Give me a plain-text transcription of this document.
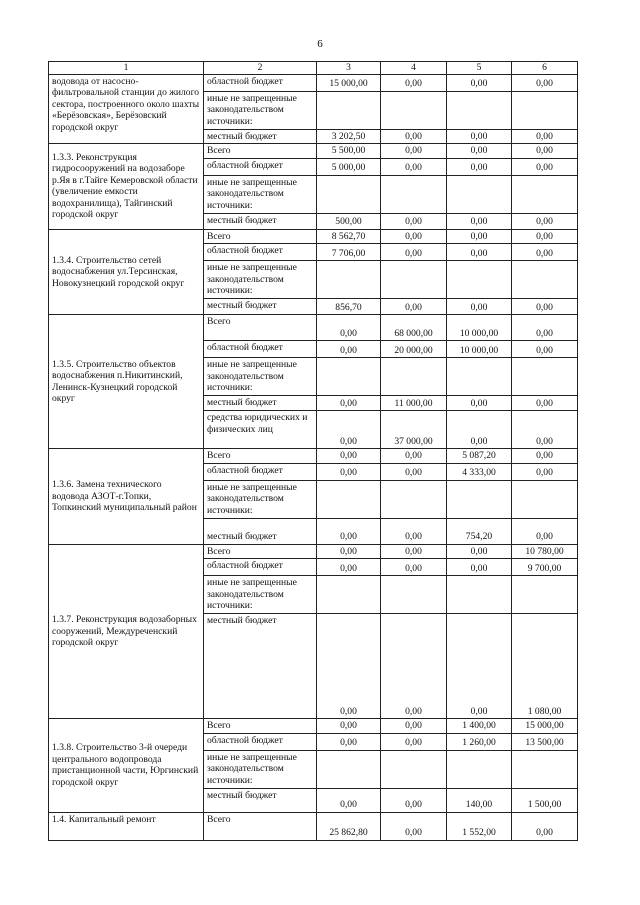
6
1	2	3	4	5	6
водовода от насосно-фильтровальной станции до жилого сектора, построенного около шахты «Берёзовская», Берёзовский городской округ	областной бюджет	15 000,00	0,00	0,00	0,00
	иные не запрещенные законодательством источники:				
	местный бюджет	3 202,50	0,00	0,00	0,00
1.3.3. Реконструкция гидросооружений на водозаборе р.Яя в г.Тайге Кемеровской области (увеличение емкости водохранилища), Тайгинский городской округ	Всего	5 500,00	0,00	0,00	0,00
	областной бюджет	5 000,00	0,00	0,00	0,00
	иные не запрещенные законодательством источники:				
	местный бюджет	500,00	0,00	0,00	0,00
1.3.4. Строительство сетей водоснабжения ул.Терсинская, Новокузнецкий городской округ	Всего	8 562,70	0,00	0,00	0,00
	областной бюджет	7 706,00	0,00	0,00	0,00
	иные не запрещенные законодательством источники:				
	местный бюджет	856,70	0,00	0,00	0,00
1.3.5. Строительство объектов водоснабжения п.Никитинский, Ленинск-Кузнецкий городской округ	Всего	0,00	68 000,00	10 000,00	0,00
	областной бюджет	0,00	20 000,00	10 000,00	0,00
	иные не запрещенные законодательством источники:				
	местный бюджет	0,00	11 000,00	0,00	0,00
	средства юридических и физических лиц	0,00	37 000,00	0,00	0,00
1.3.6. Замена технического водовода АЗОТ-г.Топки, Топкинский муниципальный район	Всего	0,00	0,00	5 087,20	0,00
	областной бюджет	0,00	0,00	4 333,00	0,00
	иные не запрещенные законодательством источники:				
	местный бюджет	0,00	0,00	754,20	0,00
1.3.7. Реконструкция водозаборных сооружений, Междуреченский городской округ	Всего	0,00	0,00	0,00	10 780,00
	областной бюджет	0,00	0,00	0,00	9 700,00
	иные не запрещенные законодательством источники:				
	местный бюджет	0,00	0,00	0,00	1 080,00
1.3.8. Строительство 3-й очереди центрального водопровода пристанционной части, Юргинский городской округ	Всего	0,00	0,00	1 400,00	15 000,00
	областной бюджет	0,00	0,00	1 260,00	13 500,00
	иные не запрещенные законодательством источники:				
	местный бюджет	0,00	0,00	140,00	1 500,00
1.4. Капитальный ремонт	Всего	25 862,80	0,00	1 552,00	0,00
